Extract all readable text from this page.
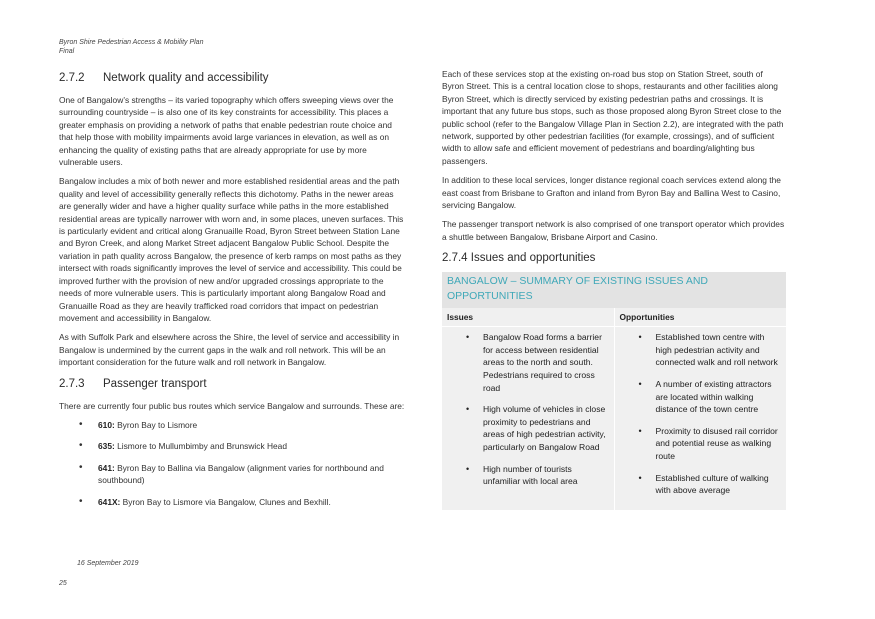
Byron Shire Pedestrian Access & Mobility Plan
Final
2.7.2 Network quality and accessibility

One of Bangalow’s strengths – its varied topography which offers sweeping views over the surrounding countryside – is also one of its key constraints for accessibility. This places a greater emphasis on providing a network of paths that enable pedestrian route choice and that help those with mobility impairments avoid large variances in elevation, as well as on enhancing the quality of existing paths that are already appropriate for use by more vulnerable users.

Bangalow includes a mix of both newer and more established residential areas and the path quality and level of accessibility generally reflects this dichotomy. Paths in the newer areas are generally wider and have a higher quality surface while paths in the more established residential areas are typically narrower with worn and, in some places, uneven surfaces. This is particularly evident and critical along Granuaille Road, Byron Street between Station Lane and Byron Creek, and along Market Street adjacent Bangalow Public School. Despite the variation in path quality across Bangalow, the presence of kerb ramps on most paths as they intersect with roads significantly improves the level of service and accessibility. This could be improved further with the provision of new and/or upgraded crossings appropriate to the needs of more vulnerable users. This is particularly important along Bangalow Road and Granuaille Road as they are heavily trafficked road corridors that impact on pedestrian movement and accessibility in Bangalow.

As with Suffolk Park and elsewhere across the Shire, the level of service and accessibility in Bangalow is undermined by the current gaps in the walk and roll network. This will be an important consideration for the future walk and roll network in Bangalow.

2.7.3 Passenger transport

There are currently four public bus routes which service Bangalow and surrounds. These are:

• 610: Byron Bay to Lismore
• 635: Lismore to Mullumbimby and Brunswick Head
• 641: Byron Bay to Ballina via Bangalow (alignment varies for northbound and southbound)
• 641X: Byron Bay to Lismore via Bangalow, Clunes and Bexhill.

Each of these services stop at the existing on-road bus stop on Station Street, south of Byron Street. This is a central location close to shops, restaurants and other facilities along Byron Street, which is directly serviced by existing pedestrian paths and crossings. It is important that any future bus stops, such as those proposed along Byron Street close to the public school (refer to the Bangalow Village Plan in Section 2.2), are integrated with the path network, supported by other pedestrian facilities (for example, crossings), and of sufficient width to allow safe and efficient movement of pedestrians and boarding/alighting bus passengers.

In addition to these local services, longer distance regional coach services extend along the east coast from Brisbane to Grafton and inland from Byron Bay and Ballina West to Casino, servicing Bangalow.

The passenger transport network is also comprised of one transport operator which provides a shuttle between Bangalow, Brisbane Airport and Casino.

2.7.4 Issues and opportunities
BANGALOW – SUMMARY OF EXISTING ISSUES AND OPPORTUNITIES
Issues
• Bangalow Road forms a barrier for access between residential areas to the north and south. Pedestrians required to cross road
• High volume of vehicles in close proximity to pedestrians and areas of high pedestrian activity, particularly on Bangalow Road
• High number of tourists unfamiliar with local area
Opportunities
• Established town centre with high pedestrian activity and connected walk and roll network
• A number of existing attractors are located within walking distance of the town centre
• Proximity to disused rail corridor and potential reuse as walking route
• Established culture of walking with above average
16 September 2019
25
